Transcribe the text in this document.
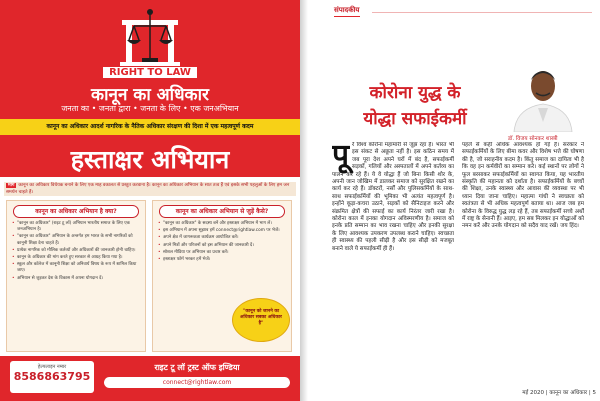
RIGHT TO LAW
कानून का अधिकार
जनता का • जनता द्वारा • जनता के लिए • एक जनअभियान
कानून का अधिकार आदर्श नागरिक के नैतिक अधिकार संरक्षण की दिशा में एक महत्वपूर्ण कदम
हस्ताक्षर अभियान
मांग कानून का अधिकार विधेयक बनाने के लिए एक माह वकालत से प्रस्तुत करवाना है। कानून का अधिकार अभियान के सात तत्व हैं एवं इसके सभी पहलुओं के लिए हम जन समर्थन चाहते हैं।
कानून का अधिकार अभियान है क्या?
• "कानून का अधिकार" (राइट टू लॉ) अभियान भारतीय समाज के लिए एक जनअभियान है।
• "कानून का अधिकार" अभियान के अन्तर्गत हम भारत के सभी नागरिकों को कानूनी शिक्षा देना चाहते हैं।
• प्रत्येक नागरिक को मौलिक कर्तव्यों और अधिकारों की जानकारी होनी चाहिए।
• कानून के अधिकार की मांग करते हुए सरकार से आग्रह किया गया है।
• स्कूल और कॉलेज में कानूनी शिक्षा को अनिवार्य विषय के रूप में शामिल किया जाए।
• अभियान से जुड़कर देश के विकास में अपना योगदान दें।
कानून का अधिकार अभियान से जुड़ें कैसे?
• "कानून का अधिकार" के सदस्य बनें और हस्ताक्षर अभियान में भाग लें।
• इस अभियान में अपना सुझाव हमें connect@rightlaw.com पर भेजें।
• अपने क्षेत्र में जागरूकता कार्यक्रम आयोजित करें।
• अपने मित्रों और परिजनों को इस अभियान की जानकारी दें।
• सोशल मीडिया पर अभियान का प्रचार करें।
• हस्ताक्षर फॉर्म भरकर हमें भेजें।
"कानून को जानने का अधिकार सबका अधिकार है"
हेल्पलाइन नम्बर
8586863795
राइट टू लॉ ट्रस्ट ऑफ इण्डिया
connect@rightlaw.com
संपादकीय
कोरोना युद्ध के
योद्धा सफाईकर्मी
डॉ. विजय सोनकर शास्त्री
पूरे विश्व कोरोना महामारी से जूझ रहा है। भारत भी इस संकट से अछूता नहीं है। इस कठिन समय में जब पूरा देश अपने घरों में बंद है, सफाईकर्मी सड़कों, गलियों और अस्पतालों में अपने कर्तव्य का पालन कर रहे हैं। ये वे योद्धा हैं जो बिना किसी शोर के, अपनी जान जोखिम में डालकर समाज को सुरक्षित रखने का कार्य कर रहे हैं। डॉक्टरों, नर्सों और पुलिसकर्मियों के साथ-साथ सफाईकर्मियों की भूमिका भी अत्यंत महत्वपूर्ण है। इन्होंने कूड़ा-कचरा उठाने, सड़कों को सैनिटाइज करने और संक्रमित क्षेत्रों की सफाई का कार्य निरंतर जारी रखा है। कोरोना काल में इनका योगदान अविस्मरणीय है। समाज को इनके प्रति सम्मान का भाव रखना चाहिए और इनकी सुरक्षा के लिए आवश्यक उपकरण उपलब्ध कराने चाहिए। स्वच्छता ही स्वास्थ्य की पहली सीढ़ी है और इस सीढ़ी को मजबूत बनाने वाले ये सफाईकर्मी ही हैं।
पहले से कहीं अधिक आवश्यक हो गई है। सरकार ने सफाईकर्मियों के लिए बीमा कवर और विशेष भत्ते की घोषणा की है, जो सराहनीय कदम है। किंतु समाज का दायित्व भी है कि वह इन कर्मवीरों का सम्मान करे। कई स्थानों पर लोगों ने फूल बरसाकर सफाईकर्मियों का स्वागत किया, यह भारतीय संस्कृति की महानता को दर्शाता है। सफाईकर्मियों के बच्चों की शिक्षा, उनके स्वास्थ्य और आवास की व्यवस्था पर भी ध्यान दिया जाना चाहिए। महात्मा गांधी ने स्वच्छता को स्वतंत्रता से भी अधिक महत्वपूर्ण बताया था। आज जब हम कोरोना के विरुद्ध युद्ध लड़ रहे हैं, तब सफाईकर्मी सच्चे अर्थों में राष्ट्र के सेनानी हैं। आइए, हम सब मिलकर इन योद्धाओं को नमन करें और उनके योगदान को सदैव याद रखें। जय हिंद।
मई 2020 | कानून का अधिकार | 5
